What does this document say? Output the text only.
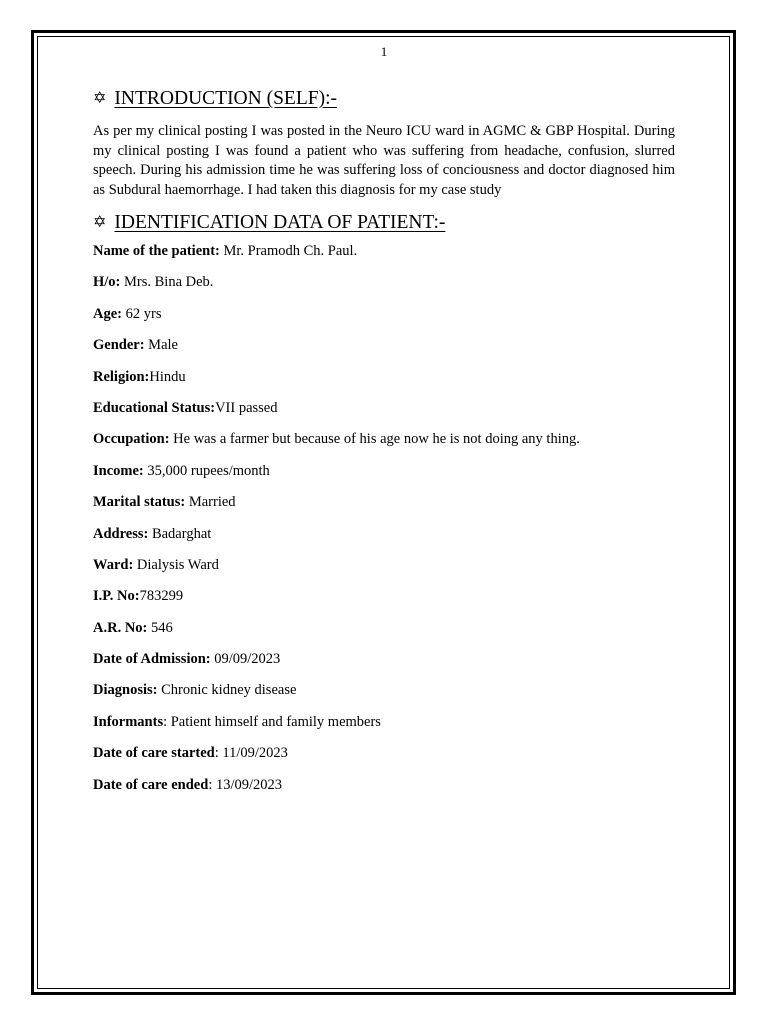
1
✡ INTRODUCTION (SELF):-
As per my clinical posting I was posted in the Neuro ICU ward in AGMC & GBP Hospital. During my clinical posting I was found a patient who was suffering from headache, confusion, slurred speech. During his admission time he was suffering loss of conciousness and doctor diagnosed him as Subdural haemorrhage. I had taken this diagnosis for my case study
✡ IDENTIFICATION DATA OF PATIENT:-
Name of the patient: Mr. Pramodh Ch. Paul.
H/o: Mrs. Bina Deb.
Age: 62 yrs
Gender: Male
Religion:Hindu
Educational Status:VII passed
Occupation: He was a farmer but because of his age now he is not doing any thing.
Income: 35,000 rupees/month
Marital status: Married
Address: Badarghat
Ward: Dialysis Ward
I.P. No:783299
A.R. No: 546
Date of Admission: 09/09/2023
Diagnosis: Chronic kidney disease
Informants: Patient himself and family members
Date of care started: 11/09/2023
Date of care ended: 13/09/2023
